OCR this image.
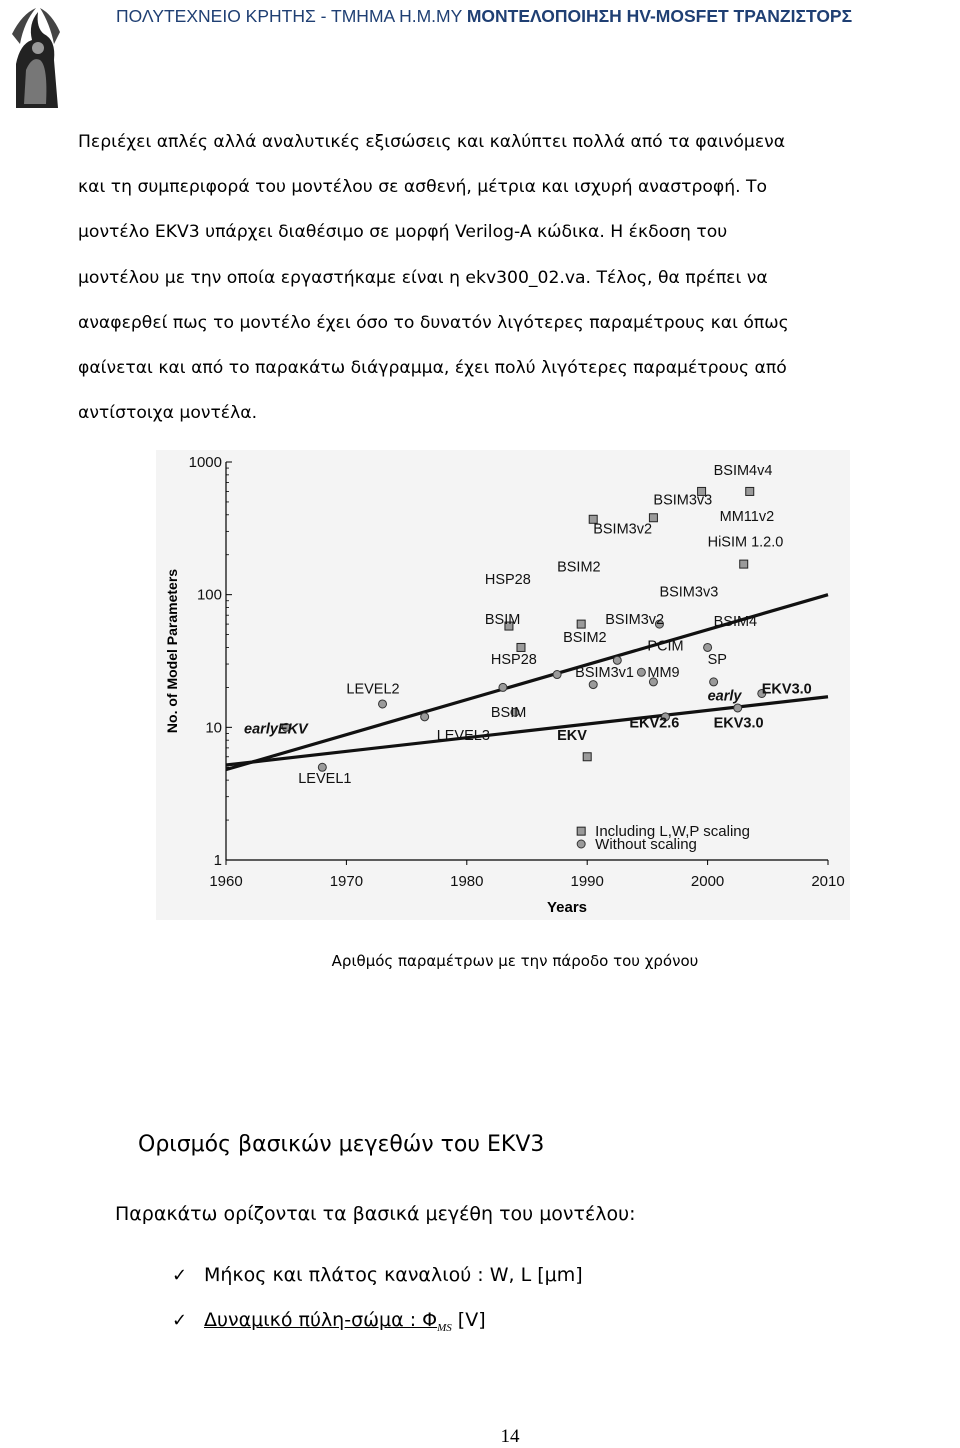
ΠΟΛΥΤΕΧΝΕΙΟ ΚΡΗΤΗΣ - ΤΜΗΜΑ Η.Μ.ΜΥ ΜΟΝΤΕΛΟΠΟΙΗΣΗ HV-MOSFET ΤΡΑΝΖΙΣΤΟΡΣ
Περιέχει απλές αλλά αναλυτικές εξισώσεις και καλύπτει πολλά από τα φαινόμενα
και τη συμπεριφορά του μοντέλου σε ασθενή, μέτρια και ισχυρή αναστροφή. Το
μοντέλο EKV3 υπάρχει διαθέσιμο σε μορφή Verilog-A κώδικα. Η έκδοση του
μοντέλου με την οποία εργαστήκαμε είναι η ekv300_02.va. Τέλος, θα πρέπει να
αναφερθεί πως το μοντέλο έχει όσο το δυνατόν λιγότερες παραμέτρους και όπως
φαίνεται και από το παρακάτω διάγραμμα, έχει πολύ λιγότερες παραμέτρους από
αντίστοιχα μοντέλα.
1960	1970	1980	1990	2000	2010
1
10
100
1000
Years
No. of Model Parameters
BSIM4v4
BSIM3v3
BSIM3v2
MM11v2
HiSIM 1.2.0
HSP28
BSIM2
BSIM3v3
BSIM	BSIM3v2	BSIM4
BSIM2
PCIM
HSP28	SP
BSIM3v1 MM9
LEVEL2	early EKV3.0
BSIM
EKV2.6 EKV3.0
earlyEKV	LEVEL3	EKV
LEVEL1
Including L,W,P scaling
Without scaling
Αριθμός παραμέτρων με την πάροδο του χρόνου
Ορισμός βασικών μεγεθών του EKV3
Παρακάτω ορίζονται τα βασικά μεγέθη του μοντέλου:
✓ Μήκος και πλάτος καναλιού : W, L [μm]
✓ Δυναμικό πύλη-σώμα : $\Phi_{MS}$ [V]
14
